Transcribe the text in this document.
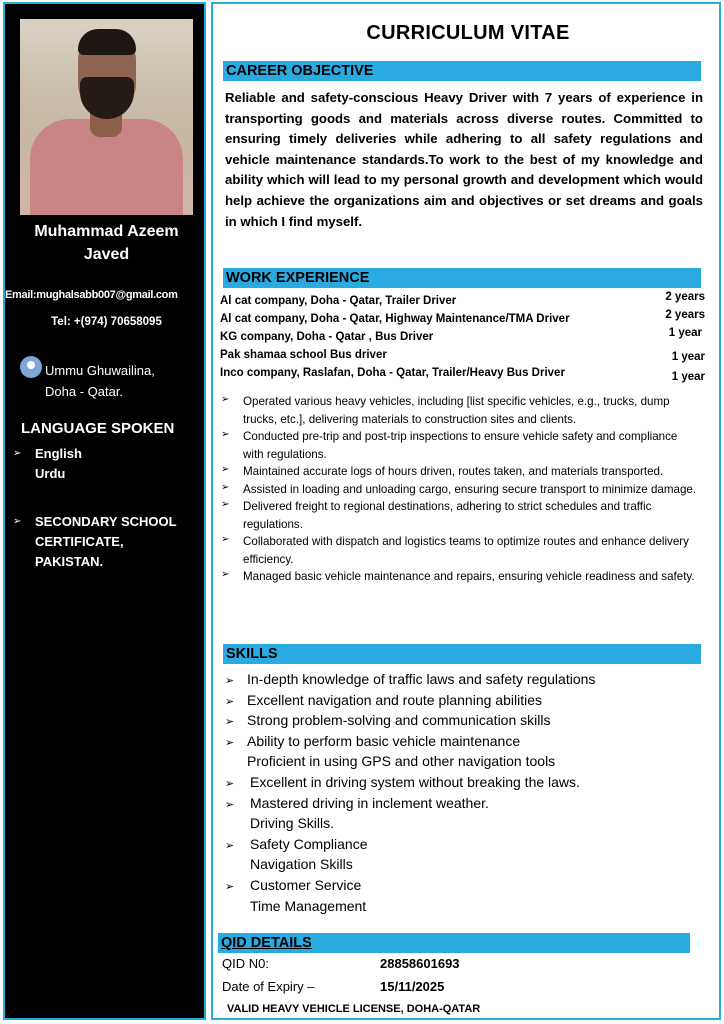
Muhammad Azeem
Javed
Email:mughalsabb007@gmail.com
Tel: +(974) 70658095
Ummu Ghuwailina,
Doha - Qatar.
LANGUAGE SPOKEN
➢ English
Urdu
➢ SECONDARY SCHOOL
CERTIFICATE,
PAKISTAN.
CURRICULUM VITAE
CAREER OBJECTIVE
Reliable and safety-conscious Heavy Driver with 7 years of experience in transporting goods and materials across diverse routes. Committed to ensuring timely deliveries while adhering to all safety regulations and vehicle maintenance standards.To work to the best of my knowledge and ability which will lead to my personal growth and development which would help achieve the organizations aim and objectives or set dreams and goals in which I find myself.
WORK EXPERIENCE
Al cat company, Doha - Qatar, Trailer Driver	2 years
Al cat company, Doha - Qatar, Highway Maintenance/TMA Driver	2 years
KG company, Doha - Qatar , Bus Driver	1 year
Pak shamaa school Bus driver	1 year
Inco company, Raslafan, Doha - Qatar, Trailer/Heavy Bus Driver	1 year
➢ Operated various heavy vehicles, including [list specific vehicles, e.g., trucks, dump trucks, etc.], delivering materials to construction sites and clients.
➢ Conducted pre-trip and post-trip inspections to ensure vehicle safety and compliance with regulations.
➢ Maintained accurate logs of hours driven, routes taken, and materials transported.
➢ Assisted in loading and unloading cargo, ensuring secure transport to minimize damage.
➢ Delivered freight to regional destinations, adhering to strict schedules and traffic regulations.
➢ Collaborated with dispatch and logistics teams to optimize routes and enhance delivery efficiency.
➢ Managed basic vehicle maintenance and repairs, ensuring vehicle readiness and safety.
SKILLS
➢ In-depth knowledge of traffic laws and safety regulations
➢ Excellent navigation and route planning abilities
➢ Strong problem-solving and communication skills
➢ Ability to perform basic vehicle maintenance
Proficient in using GPS and other navigation tools
➢ Excellent in driving system without breaking the laws.
➢ Mastered driving in inclement weather.
Driving Skills.
➢ Safety Compliance
Navigation Skills
➢ Customer Service
Time Management
QID DETAILS
QID N0:	28858601693
Date of Expiry –	15/11/2025
VALID HEAVY VEHICLE LICENSE, DOHA-QATAR
